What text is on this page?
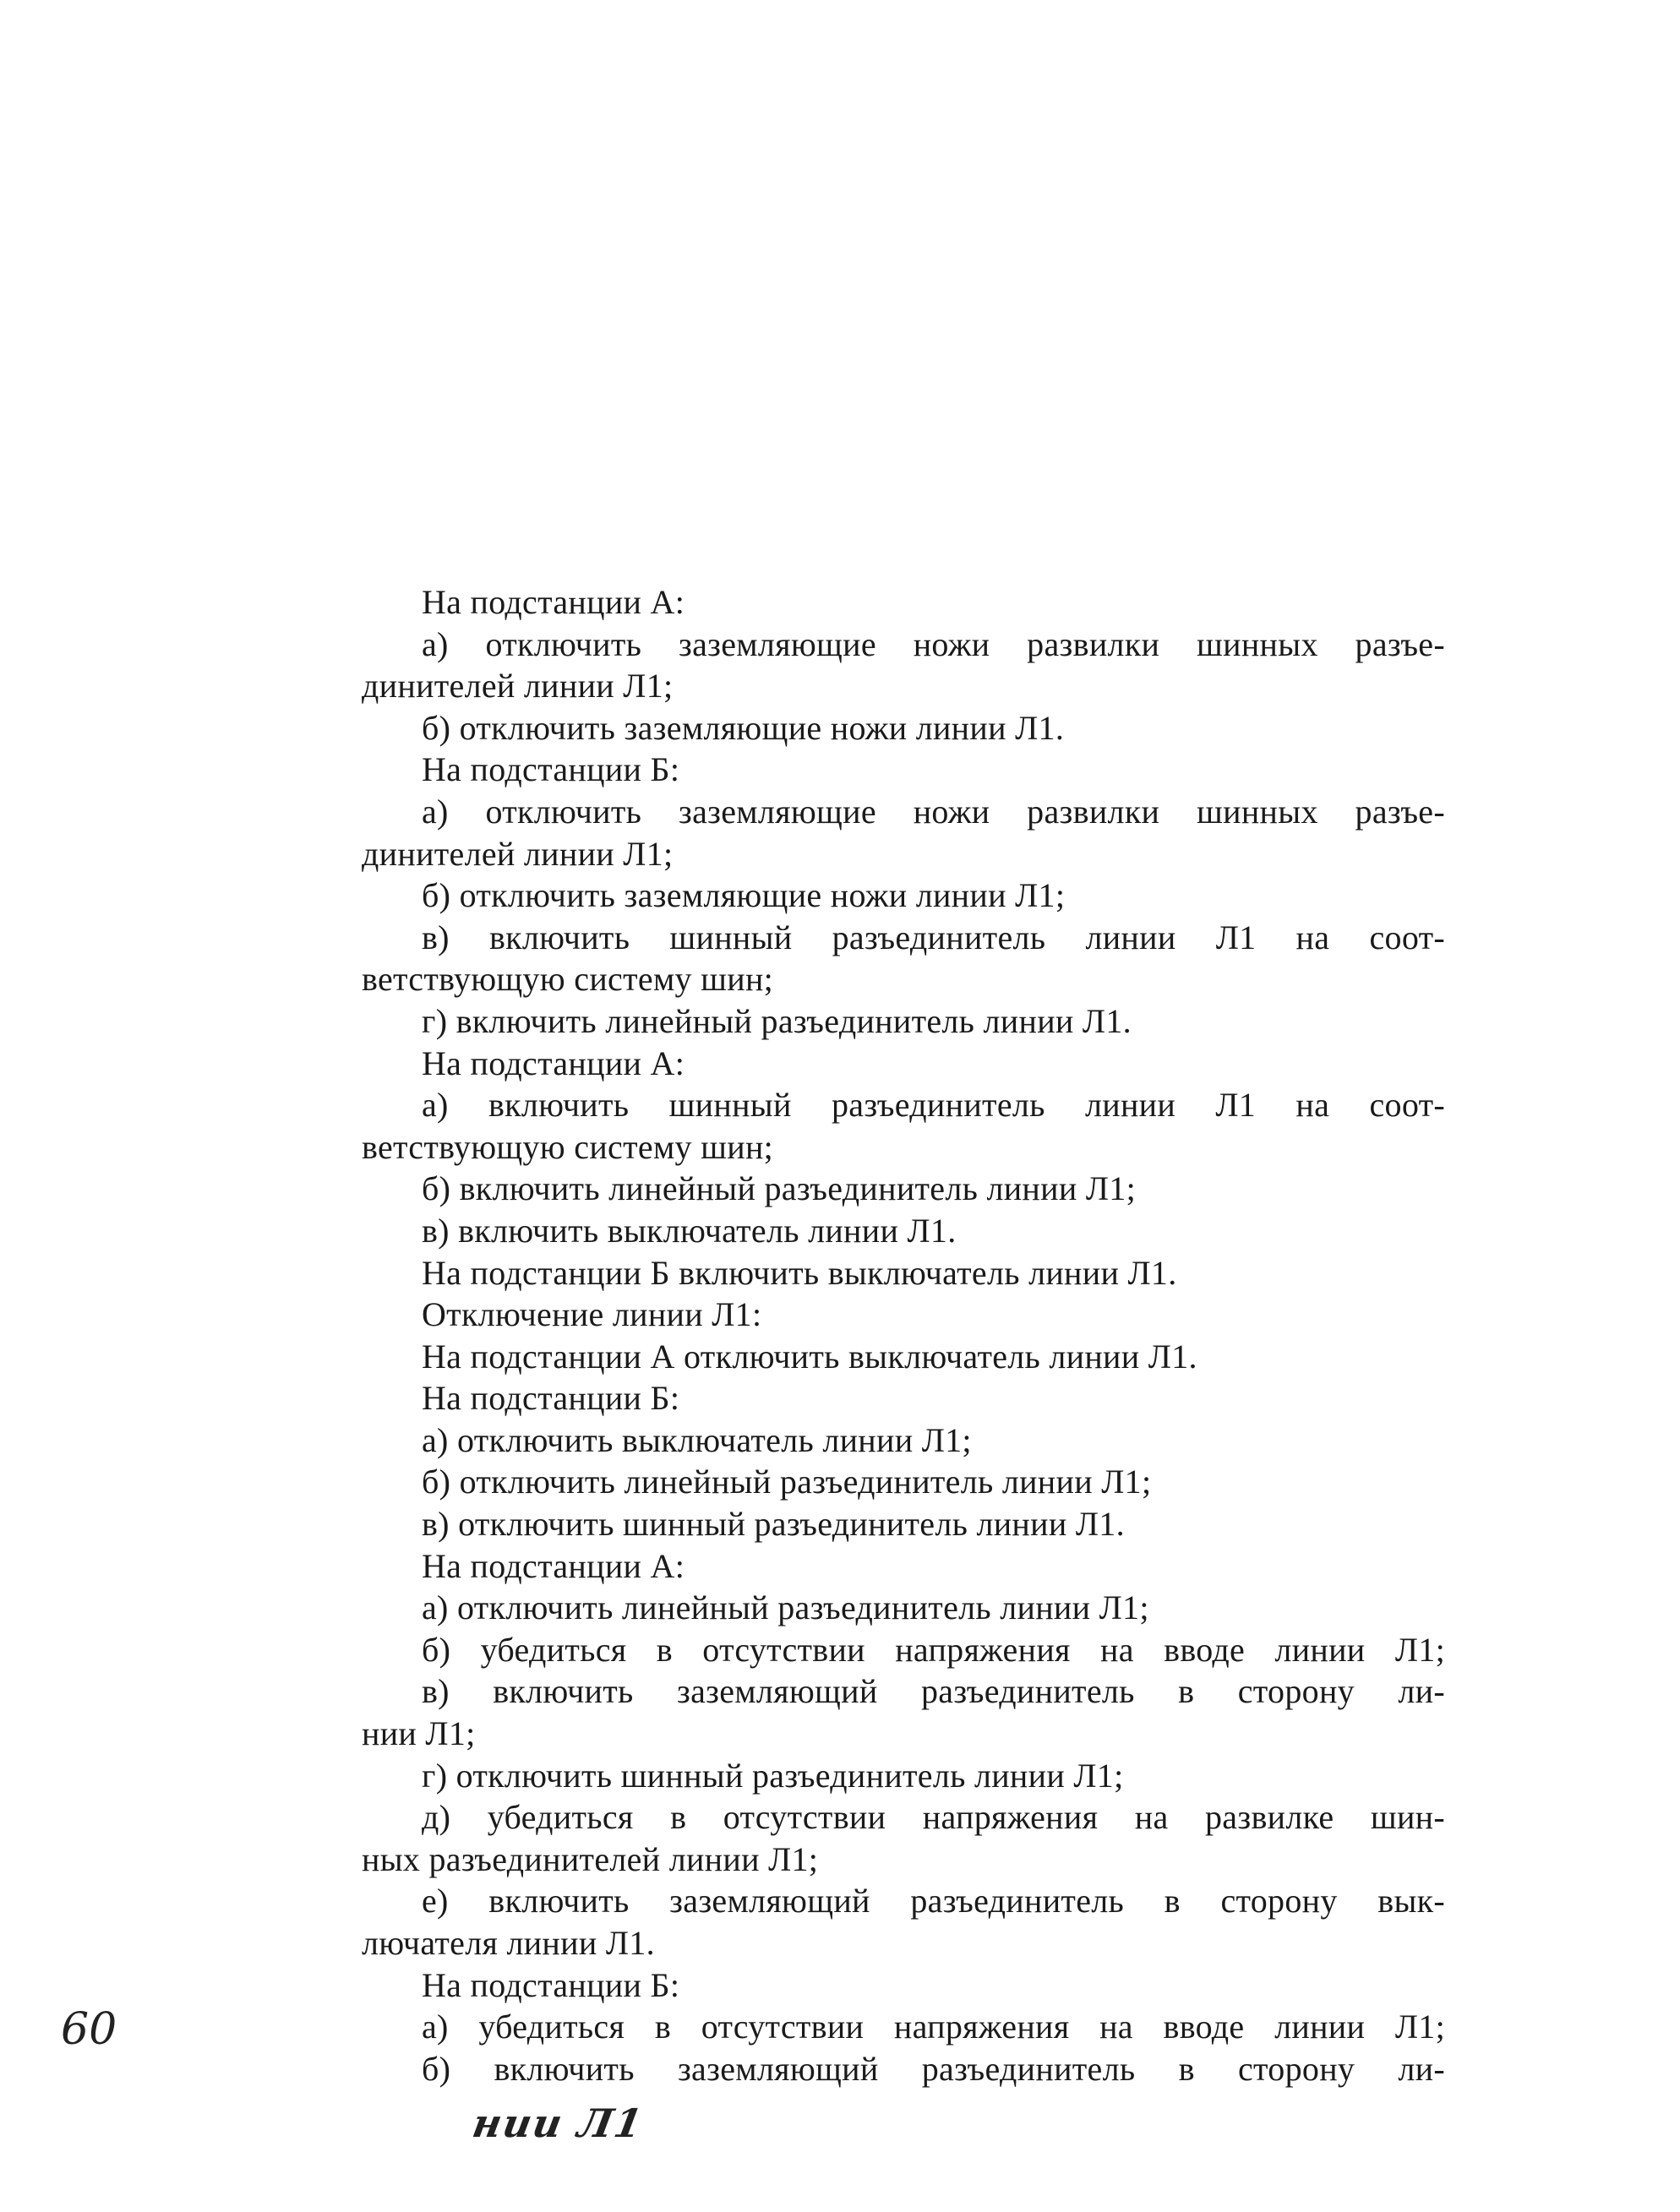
На подстанции А:
а) отключить заземляющие ножи развилки шинных разъе-
динителей линии Л1;
б) отключить заземляющие ножи линии Л1.
На подстанции Б:
а) отключить заземляющие ножи развилки шинных разъе-
динителей линии Л1;
б) отключить заземляющие ножи линии Л1;
в) включить шинный разъединитель линии Л1 на соот-
ветствующую систему шин;
г) включить линейный разъединитель линии Л1.
На подстанции А:
а) включить шинный разъединитель линии Л1 на соот-
ветствующую систему шин;
б) включить линейный разъединитель линии Л1;
в) включить выключатель линии Л1.
На подстанции Б включить выключатель линии Л1.
Отключение линии Л1:
На подстанции А отключить выключатель линии Л1.
На подстанции Б:
а) отключить выключатель линии Л1;
б) отключить линейный разъединитель линии Л1;
в) отключить шинный разъединитель линии Л1.
На подстанции А:
а) отключить линейный разъединитель линии Л1;
б) убедиться в отсутствии напряжения на вводе линии Л1;
в) включить заземляющий разъединитель в сторону ли-
нии Л1;
г) отключить шинный разъединитель линии Л1;
д) убедиться в отсутствии напряжения на развилке шин-
ных разъединителей линии Л1;
е) включить заземляющий разъединитель в сторону вык-
лючателя линии Л1.
На подстанции Б:
а) убедиться в отсутствии напряжения на вводе линии Л1;
б) включить заземляющий разъединитель в сторону ли-
60
нии Л1
